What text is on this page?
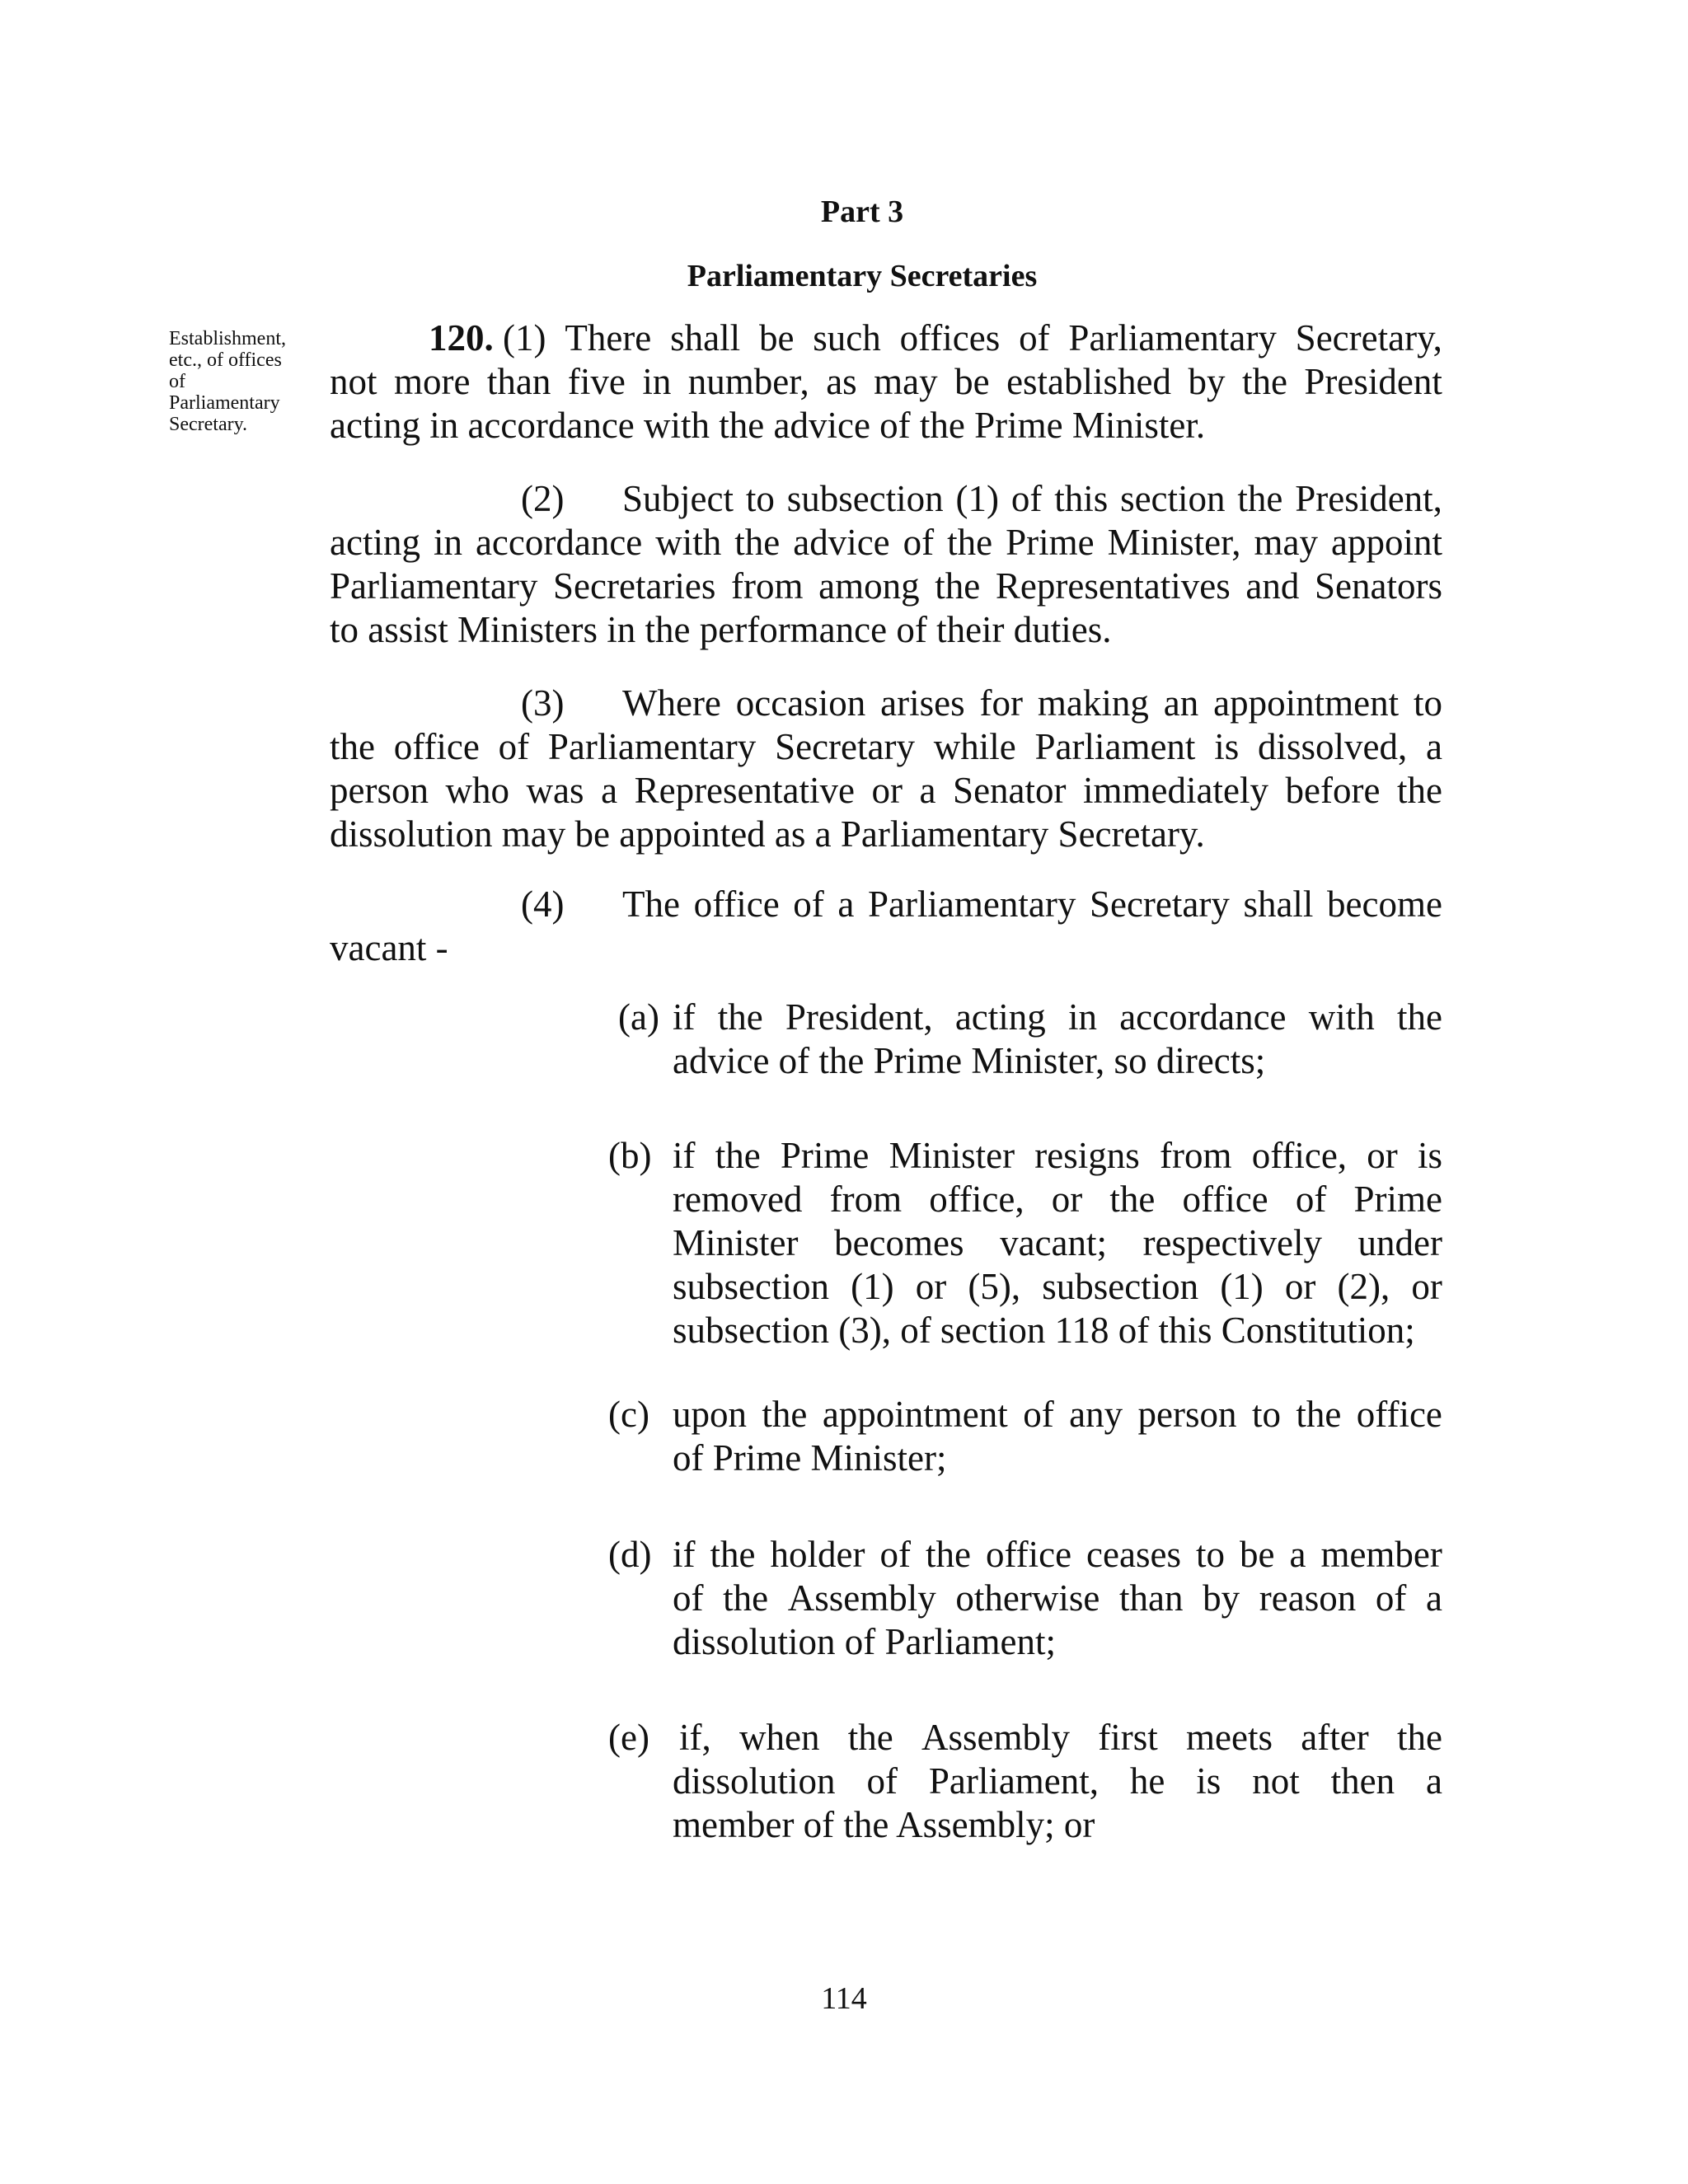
Part 3
Parliamentary Secretaries
Establishment,
etc., of offices
of
Parliamentary
Secretary.
120. (1) There shall be such offices of Parliamentary Secretary,
not more than five in number, as may be established by the President
acting in accordance with the advice of the Prime Minister.
(2) Subject to subsection (1) of this section the President,
acting in accordance with the advice of the Prime Minister, may appoint
Parliamentary Secretaries from among the Representatives and Senators
to assist Ministers in the performance of their duties.
(3) Where occasion arises for making an appointment to
the office of Parliamentary Secretary while Parliament is dissolved, a
person who was a Representative or a Senator immediately before the
dissolution may be appointed as a Parliamentary Secretary.
(4) The office of a Parliamentary Secretary shall become
vacant -
(a) if the President, acting in accordance with the
advice of the Prime Minister, so directs;
(b) if the Prime Minister resigns from office, or is
removed from office, or the office of Prime
Minister becomes vacant; respectively under
subsection (1) or (5), subsection (1) or (2), or
subsection (3), of section 118 of this Constitution;
(c) upon the appointment of any person to the office
of Prime Minister;
(d) if the holder of the office ceases to be a member
of the Assembly otherwise than by reason of a
dissolution of Parliament;
(e) if, when the Assembly first meets after the
dissolution of Parliament, he is not then a
member of the Assembly; or
114
